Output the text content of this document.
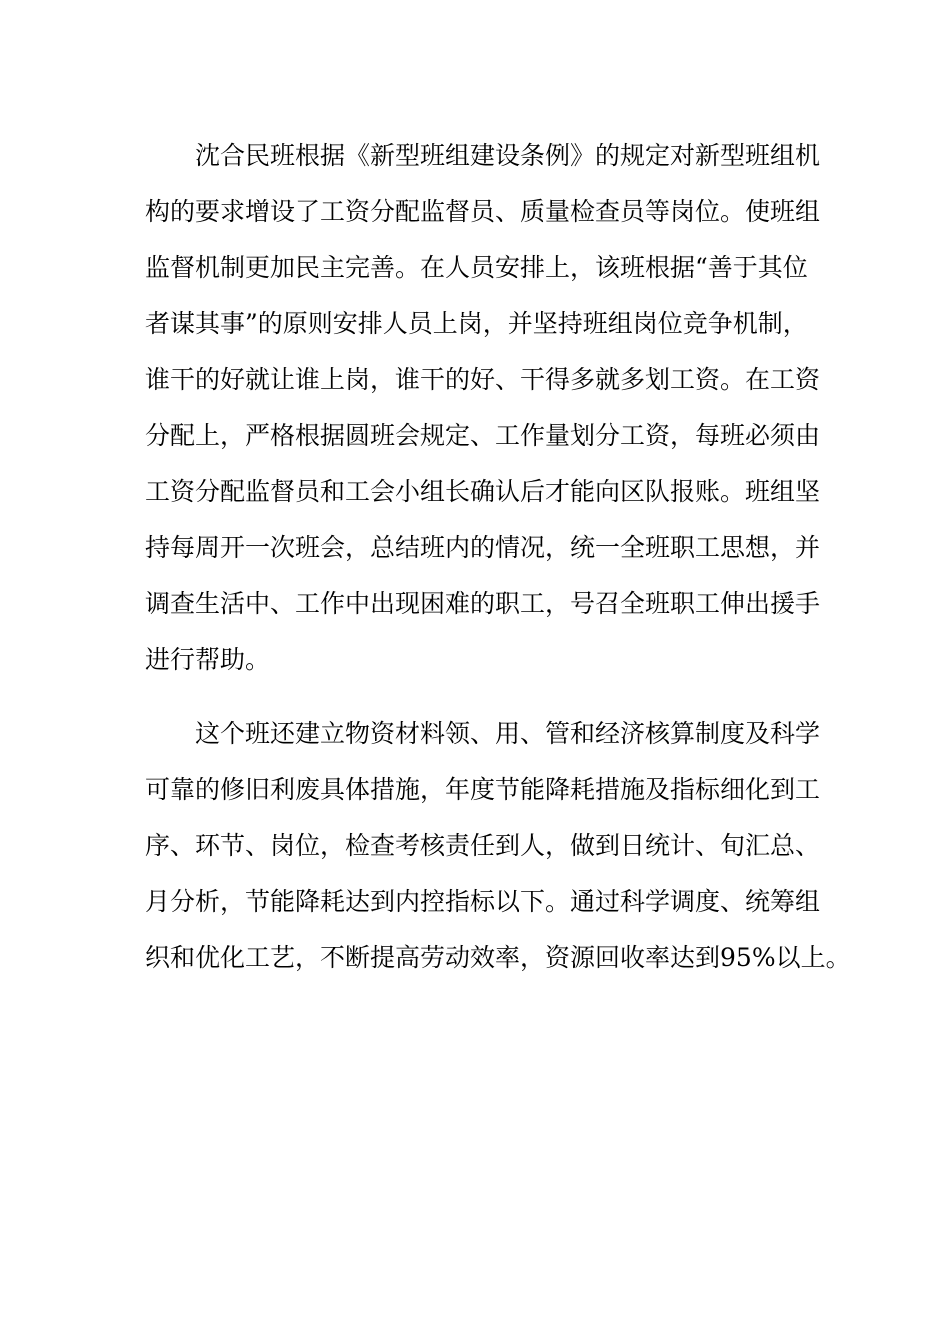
沈合民班根据《新型班组建设条例》的规定对新型班组机
构的要求增设了工资分配监督员、质量检查员等岗位。使班组
监督机制更加民主完善。在人员安排上，该班根据“善于其位
者谋其事”的原则安排人员上岗，并坚持班组岗位竞争机制，
谁干的好就让谁上岗，谁干的好、干得多就多划工资。在工资
分配上，严格根据圆班会规定、工作量划分工资，每班必须由
工资分配监督员和工会小组长确认后才能向区队报账。班组坚
持每周开一次班会，总结班内的情况，统一全班职工思想，并
调查生活中、工作中出现困难的职工，号召全班职工伸出援手
进行帮助。
这个班还建立物资材料领、用、管和经济核算制度及科学
可靠的修旧利废具体措施，年度节能降耗措施及指标细化到工
序、环节、岗位，检查考核责任到人，做到日统计、旬汇总、
月分析，节能降耗达到内控指标以下。通过科学调度、统筹组
织和优化工艺，不断提高劳动效率，资源回收率达到95%以上。
